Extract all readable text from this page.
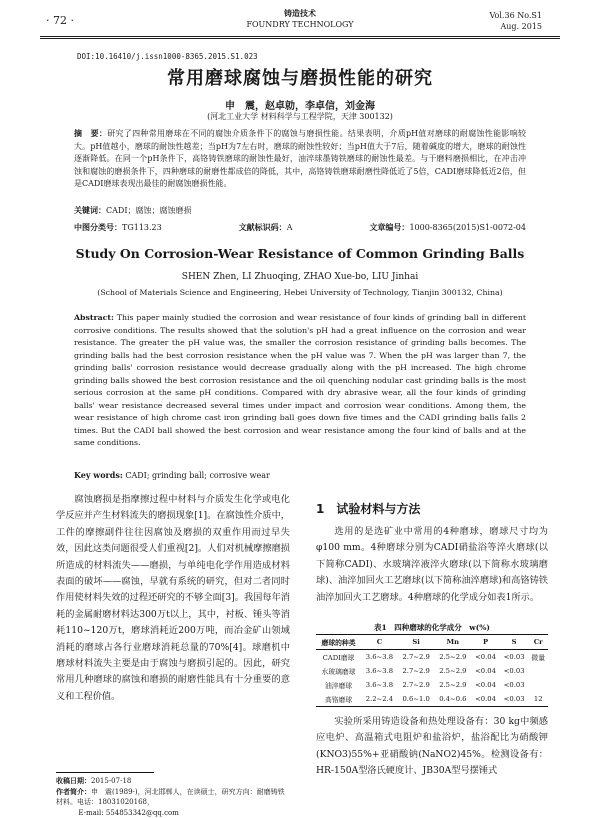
· 72 ·
铸造技术
FOUNDRY TECHNOLOGY
Vol.36 No.S1
Aug. 2015
DOI:10.16410/j.issn1000-8365.2015.S1.023
常用磨球腐蚀与磨损性能的研究
申　震，赵卓勍，李卓信，刘金海
(河北工业大学 材料科学与工程学院，天津 300132)
摘　要：研究了四种常用磨球在不同的腐蚀介质条件下的腐蚀与磨损性能。结果表明，介质pH值对磨球的耐腐蚀性能影响较大。pH值越小，磨球的耐蚀性越差；当pH为7左右时，磨球的耐蚀性较好；当pH值大于7后，随着碱度的增大，磨球的耐蚀性逐渐降低。在同一个pH条件下，高铬铸铁磨球的耐蚀性最好，油淬球墨铸铁磨球的耐蚀性最差。与干磨料磨损相比，在冲击冲蚀和腐蚀的磨损条件下，四种磨球的耐磨性都成倍的降低，其中，高铬铸铁磨球耐磨性降低近了5倍，CADI磨球降低近2倍，但是CADI磨球表现出最佳的耐腐蚀磨损性能。
关键词：CADI；腐蚀；腐蚀磨损
中图分类号：TG113.23	文献标识码：A	文章编号：1000-8365(2015)S1-0072-04
Study On Corrosion-Wear Resistance of Common Grinding Balls
SHEN Zhen, LI Zhuoqing, ZHAO Xue-bo, LIU Jinhai
(School of Materials Science and Engineering, Hebei University of Technology, Tianjin 300132, China)
Abstract: This paper mainly studied the corrosion and wear resistance of four kinds of grinding ball in different corrosive conditions. The results showed that the solution's pH had a great influence on the corrosion and wear resistance. The greater the pH value was, the smaller the corrosion resistance of grinding balls becomes. The grinding balls had the best corrosion resistance when the pH value was 7. When the pH was larger than 7, the grinding balls' corrosion resistance would decrease gradually along with the pH increased. The high chrome grinding balls showed the best corrosion resistance and the oil quenching nodular cast grinding balls is the most serious corrosion at the same pH conditions. Compared with dry abrasive wear, all the four kinds of grinding balls' wear resistance decreased several times under impact and corrosion wear conditions. Among them, the wear resistance of high chrome cast iron grinding ball goes down five times and the CADI grinding balls falls 2 times. But the CADI ball showed the best corrosion and wear resistance among the four kind of balls and at the same conditions.
Key words: CADI; grinding ball; corrosive wear
腐蚀磨损是指摩擦过程中材料与介质发生化学或电化学反应并产生材料流失的磨损现象[1]。在腐蚀性介质中，工件的摩擦副件往往因腐蚀及磨损的双重作用而过早失效，因此这类问题很受人们重视[2]。人们对机械摩擦磨损所造成的材料流失——磨损，与单纯电化学作用造成材料表面的破坏——腐蚀，早就有系统的研究，但对二者同时作用使材料失效的过程还研究的不够全面[3]。我国每年消耗的金属耐磨材料达300万t以上，其中，衬板、锤头等消耗110~120万t，磨球消耗近200万吨，而冶金矿山领域消耗的磨球占各行业磨球消耗总量的70%[4]。球磨机中磨球材料流失主要是由于腐蚀与磨损引起的。因此，研究常用几种磨球的腐蚀和磨损的耐磨性能具有十分重要的意义和工程价值。
1　试验材料与方法
选用的是选矿业中常用的4种磨球，磨球尺寸均为φ100 mm。4种磨球分别为CADI硝盐浴等淬火磨球(以下简称CADI)、水玻璃淬液淬火磨球(以下简称水玻璃磨球)、油淬加回火工艺磨球(以下简称油淬磨球)和高铬铸铁油淬加回火工艺磨球。4种磨球的化学成分如表1所示。
表1　四种磨球的化学成分　w(%)
磨球的种类	C	Si	Mn	P	S	Cr
CADI磨球	3.6~3.8	2.7~2.9	2.5~2.9	<0.04	<0.03	微量
水玻璃磨球	3.6~3.8	2.7~2.9	2.5~2.9	<0.04	<0.03	
油淬磨球	3.6~3.8	2.7~2.9	2.5~2.9	<0.04	<0.03	
高铬磨球	2.2~2.4	0.6~1.0	0.4~0.6	<0.04	<0.03	12
实验所采用铸造设备和热处理设备有：30 kg中频感应电炉、高温箱式电阻炉和盐浴炉，盐浴配比为硝酸钾(KNO3)55%+亚硝酸钠(NaNO2)45%。检测设备有：HR-150A型洛氏硬度计、JB30A型号摆锤式
收稿日期：2015-07-18
作者简介：申　震(1989-)，河北邯郸人，在读硕士，研究方向：耐磨铸铁材料。电话：18031020168，
E-mail: 554853342@qq.com
